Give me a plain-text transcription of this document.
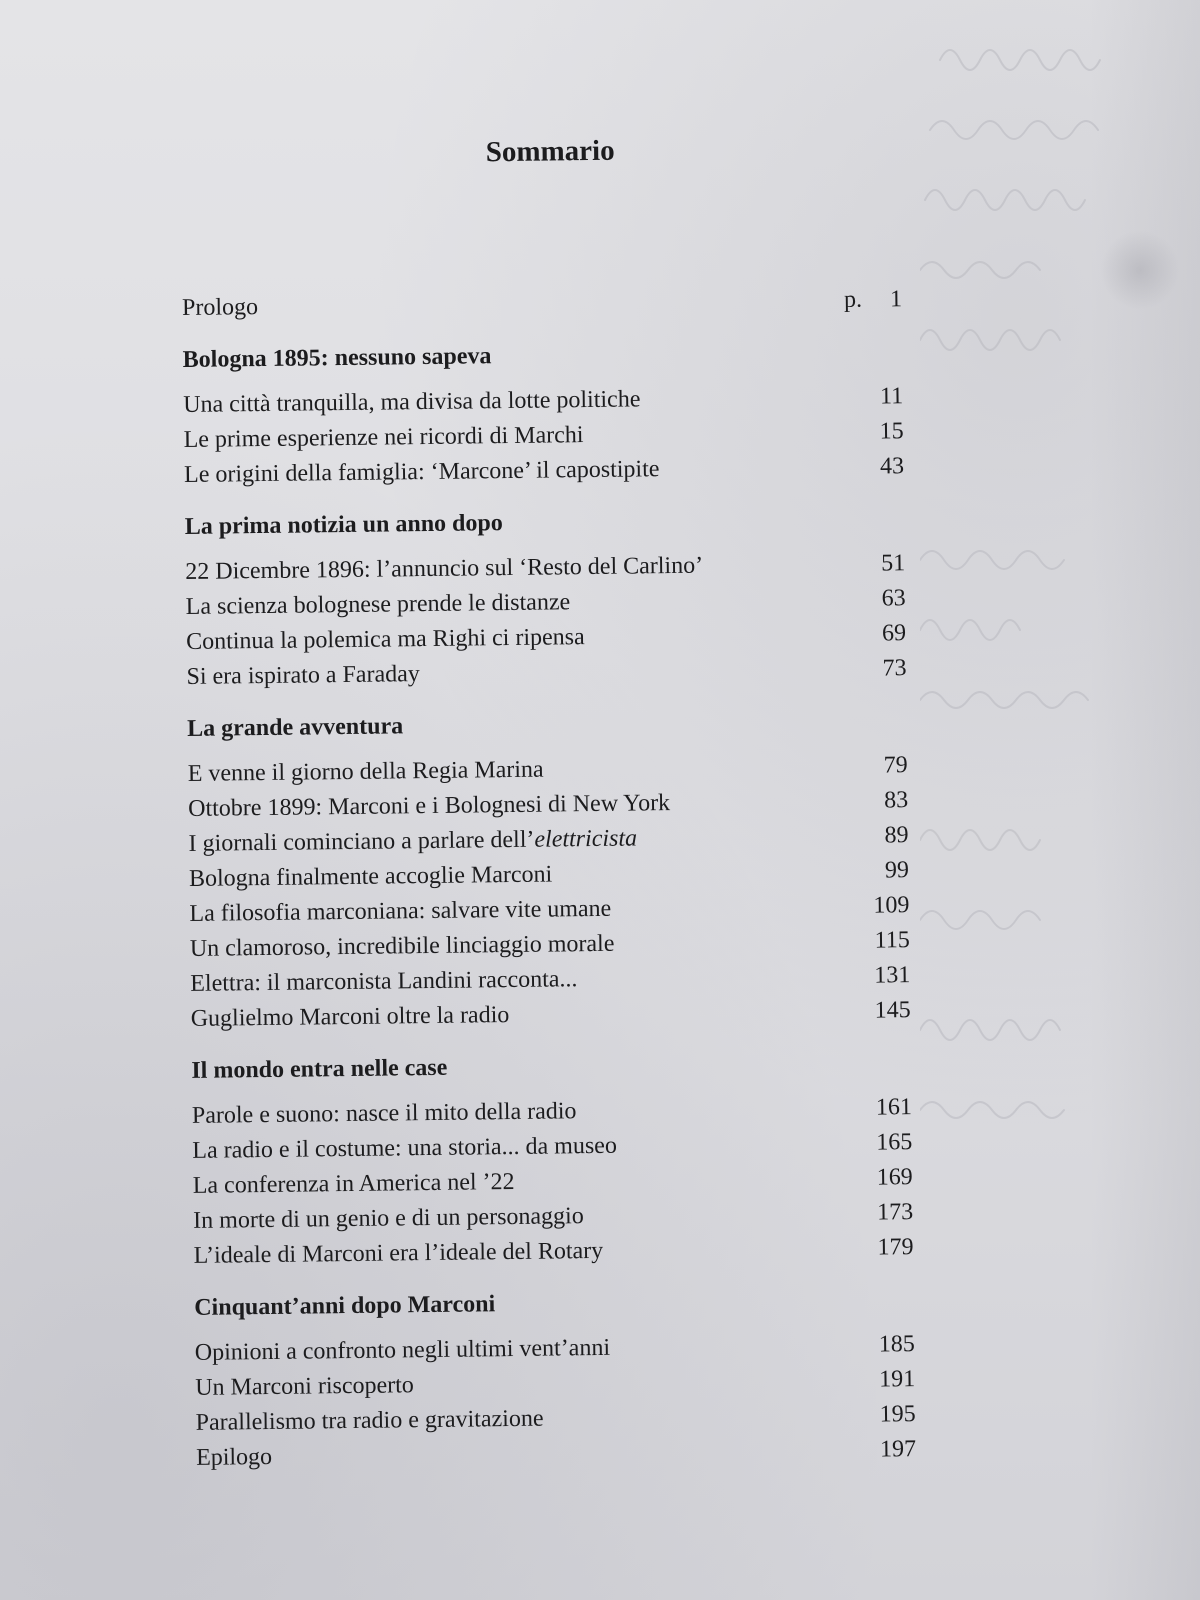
Sommario
Prologo	p. 1
Bologna 1895: nessuno sapeva
Una città tranquilla, ma divisa da lotte politiche	11
Le prime esperienze nei ricordi di Marchi	15
Le origini della famiglia: ‘Marcone’ il capostipite	43
La prima notizia un anno dopo
22 Dicembre 1896: l’annuncio sul ‘Resto del Carlino’	51
La scienza bolognese prende le distanze	63
Continua la polemica ma Righi ci ripensa	69
Si era ispirato a Faraday	73
La grande avventura
E venne il giorno della Regia Marina	79
Ottobre 1899: Marconi e i Bolognesi di New York	83
I giornali cominciano a parlare dell’elettricista	89
Bologna finalmente accoglie Marconi	99
La filosofia marconiana: salvare vite umane	109
Un clamoroso, incredibile linciaggio morale	115
Elettra: il marconista Landini racconta...	131
Guglielmo Marconi oltre la radio	145
Il mondo entra nelle case
Parole e suono: nasce il mito della radio	161
La radio e il costume: una storia... da museo	165
La conferenza in America nel ’22	169
In morte di un genio e di un personaggio	173
L’ideale di Marconi era l’ideale del Rotary	179
Cinquant’anni dopo Marconi
Opinioni a confronto negli ultimi vent’anni	185
Un Marconi riscoperto	191
Parallelismo tra radio e gravitazione	195
Epilogo	197
